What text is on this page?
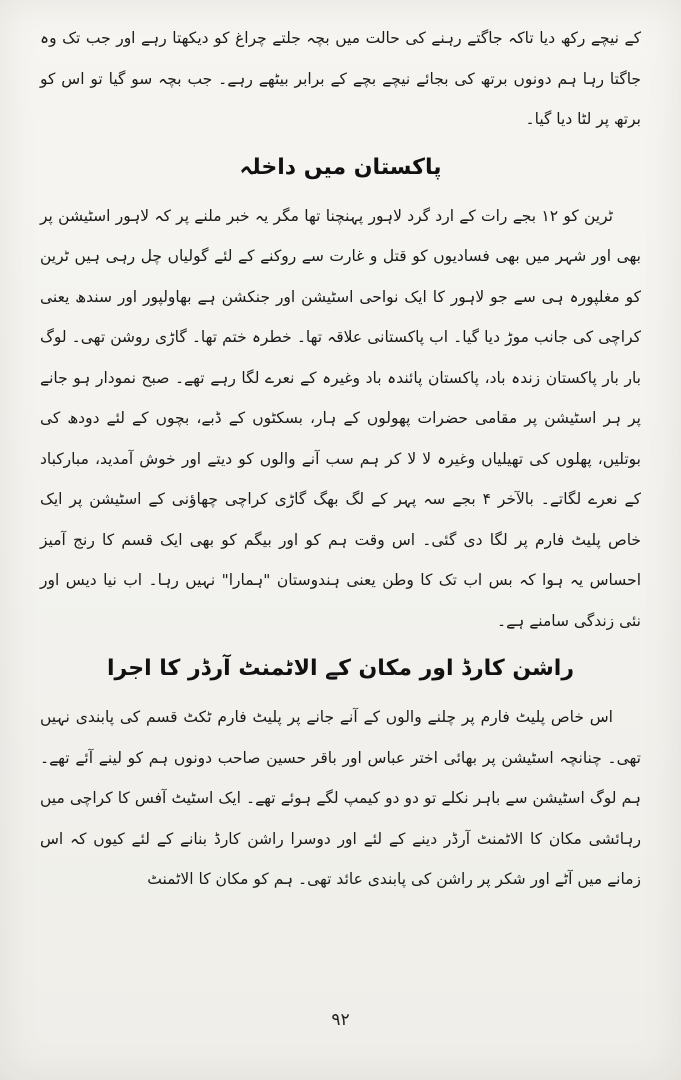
کے نیچے رکھ دیا تاکہ جاگتے رہنے کی حالت میں بچہ جلتے چراغ کو دیکھتا رہے اور جب تک وہ جاگتا رہا ہم دونوں برتھ کی بجائے نیچے بچے کے برابر بیٹھے رہے۔ جب بچہ سو گیا تو اس کو برتھ پر لٹا دیا گیا۔

پاکستان میں داخلہ

ٹرین کو ۱۲ بجے رات کے ارد گرد لاہور پہنچنا تھا مگر یہ خبر ملنے پر کہ لاہور اسٹیشن پر بھی اور شہر میں بھی فسادیوں کو قتل و غارت سے روکنے کے لئے گولیاں چل رہی ہیں ٹرین کو مغلپورہ ہی سے جو لاہور کا ایک نواحی اسٹیشن اور جنکشن ہے بھاولپور اور سندھ یعنی کراچی کی جانب موڑ دیا گیا۔ اب پاکستانی علاقہ تھا۔ خطرہ ختم تھا۔ گاڑی روشن تھی۔ لوگ بار بار پاکستان زندہ باد، پاکستان پائندہ باد وغیرہ کے نعرے لگا رہے تھے۔ صبح نمودار ہو جانے پر ہر اسٹیشن پر مقامی حضرات پھولوں کے ہار، بسکٹوں کے ڈبے، بچوں کے لئے دودھ کی بوتلیں، پھلوں کی تھیلیاں وغیرہ لا لا کر ہم سب آنے والوں کو دیتے اور خوش آمدید، مبارکباد کے نعرے لگاتے۔ بالآخر ۴ بجے سہ پہر کے لگ بھگ گاڑی کراچی چھاؤنی کے اسٹیشن پر ایک خاص پلیٹ فارم پر لگا دی گئی۔ اس وقت ہم کو اور بیگم کو بھی ایک قسم کا رنج آمیز احساس یہ ہوا کہ بس اب تک کا وطن یعنی ہندوستان "ہمارا" نہیں رہا۔ اب نیا دیس اور نئی زندگی سامنے ہے۔

راشن کارڈ اور مکان کے الاٹمنٹ آرڈر کا اجرا

اس خاص پلیٹ فارم پر چلنے والوں کے آنے جانے پر پلیٹ فارم ٹکٹ قسم کی پابندی نہیں تھی۔ چنانچہ اسٹیشن پر بھائی اختر عباس اور باقر حسین صاحب دونوں ہم کو لینے آئے تھے۔ ہم لوگ اسٹیشن سے باہر نکلے تو دو دو کیمپ لگے ہوئے تھے۔ ایک اسٹیٹ آفس کا کراچی میں رہائشی مکان کا الاٹمنٹ آرڈر دینے کے لئے اور دوسرا راشن کارڈ بنانے کے لئے کیوں کہ اس زمانے میں آٹے اور شکر پر راشن کی پابندی عائد تھی۔ ہم کو مکان کا الاٹمنٹ

۹۲
